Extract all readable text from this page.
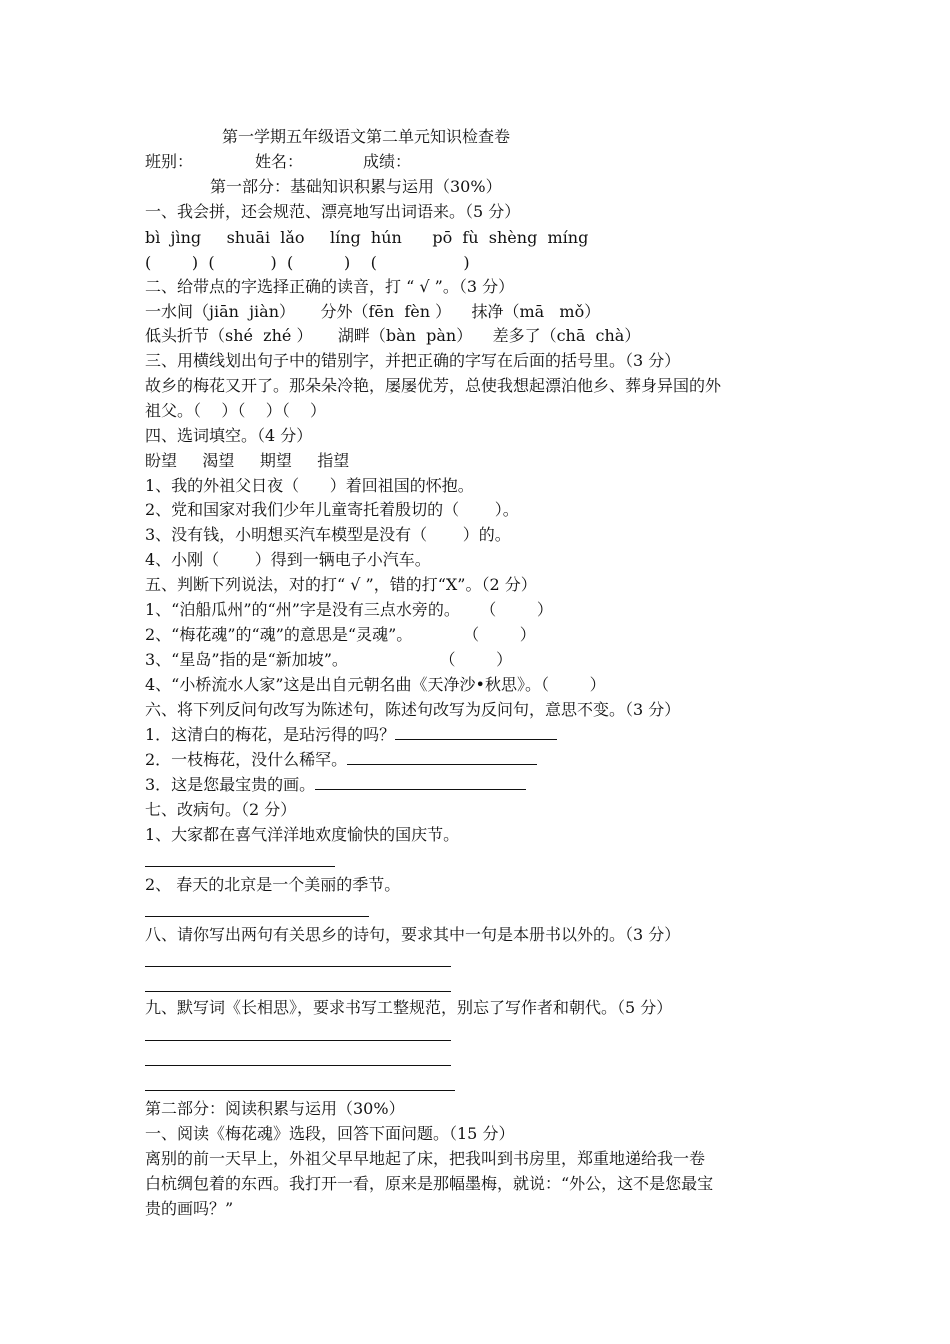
第一学期五年级语文第二单元知识检查卷
班别：	姓名：	成绩：
第一部分：基础知识积累与运用（30%）
一、我会拼，还会规范、漂亮地写出词语来。（5 分）
bì  jìng     shuāi  lǎo     líng  hún      pō  fù  shèng  míng
(        )  (           )  (          )    (                 )
二、给带点的字选择正确的读音，打 “ √ ”。（3 分）
一水间（jiān  jiàn）     分外（fēn  fèn ）    抹净（mā   mǒ）
低头折节（shé  zhé ）     湖畔（bàn  pàn）    差多了（chā  chà）
三、用横线划出句子中的错别字，并把正确的字写在后面的括号里。（3 分）
故乡的梅花又开了。那朵朵冷艳，屡屡优芳，总使我想起漂泊他乡、葬身异国的外
祖父。（    ）（    ）（    ）
四、选词填空。（4 分）
盼望     渴望     期望     指望
1、我的外祖父日夜（      ）着回祖国的怀抱。
2、党和国家对我们少年儿童寄托着殷切的（       ）。
3、没有钱，小明想买汽车模型是没有（       ）的。
4、小刚（       ）得到一辆电子小汽车。
五、判断下列说法，对的打“ √ ”，错的打“X”。（2 分）
1、“泊船瓜州”的“州”字是没有三点水旁的。    （        ）
2、“梅花魂”的“魂”的意思是“灵魂”。          （        ）
3、“星岛”指的是“新加坡”。                  （        ）
4、“小桥流水人家”这是出自元朝名曲《天净沙•秋思》。（        ）
六、将下列反问句改写为陈述句，陈述句改写为反问句，意思不变。（3 分）
1．这清白的梅花，是玷污得的吗？
2．一枝梅花，没什么稀罕。
3．这是您最宝贵的画。
七、改病句。（2 分）
1、大家都在喜气洋洋地欢度愉快的国庆节。
2、 春天的北京是一个美丽的季节。
八、请你写出两句有关思乡的诗句，要求其中一句是本册书以外的。（3 分）
九、默写词《长相思》，要求书写工整规范，别忘了写作者和朝代。（5 分）
第二部分：阅读积累与运用（30%）
一、阅读《梅花魂》选段，回答下面问题。（15 分）
离别的前一天早上，外祖父早早地起了床，把我叫到书房里，郑重地递给我一卷
白杭绸包着的东西。我打开一看，原来是那幅墨梅，就说：“外公，这不是您最宝
贵的画吗？”
